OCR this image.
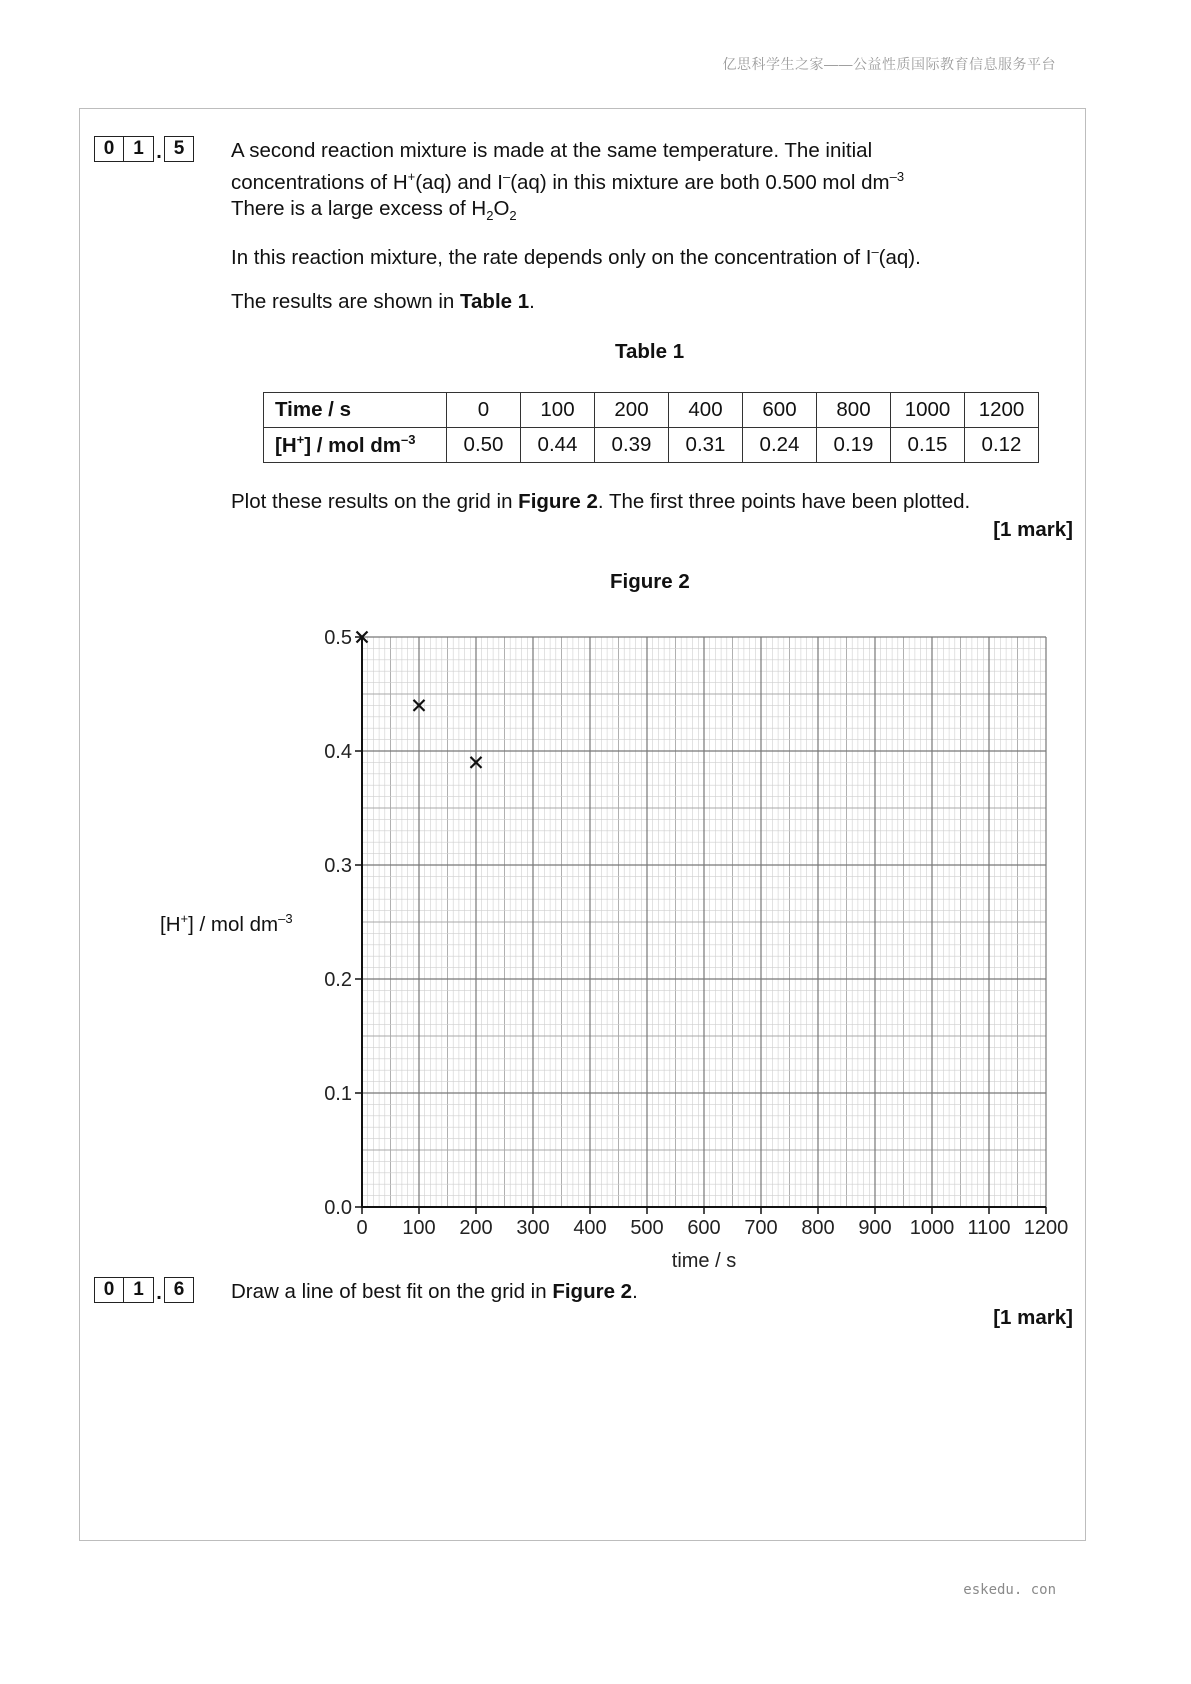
亿思科学生之家——公益性质国际教育信息服务平台
0 1 . 5	A second reaction mixture is made at the same temperature. The initial
concentrations of H+(aq) and I–(aq) in this mixture are both 0.500 mol $dm^{-3}$
There is a large excess of $H_2O_2$
In this reaction mixture, the rate depends only on the concentration of I–(aq).
The results are shown in Table 1.
Table 1
Time / s	0	100	200	400	600	800	1000	1200
[H+] / mol $dm^{-3}$	0.50	0.44	0.39	0.31	0.24	0.19	0.15	0.12
Plot these results on the grid in Figure 2. The first three points have been plotted.
[1 mark]
Figure 2
[H+] / mol $dm^{-3}$
0 100 200 300 400 500 600 700 800 900 1000 1100 1200
0.0
0.1
0.2
0.3
0.4
0.5
time / s
0 1 . 6	Draw a line of best fit on the grid in Figure 2.
[1 mark]
eskedu. con
